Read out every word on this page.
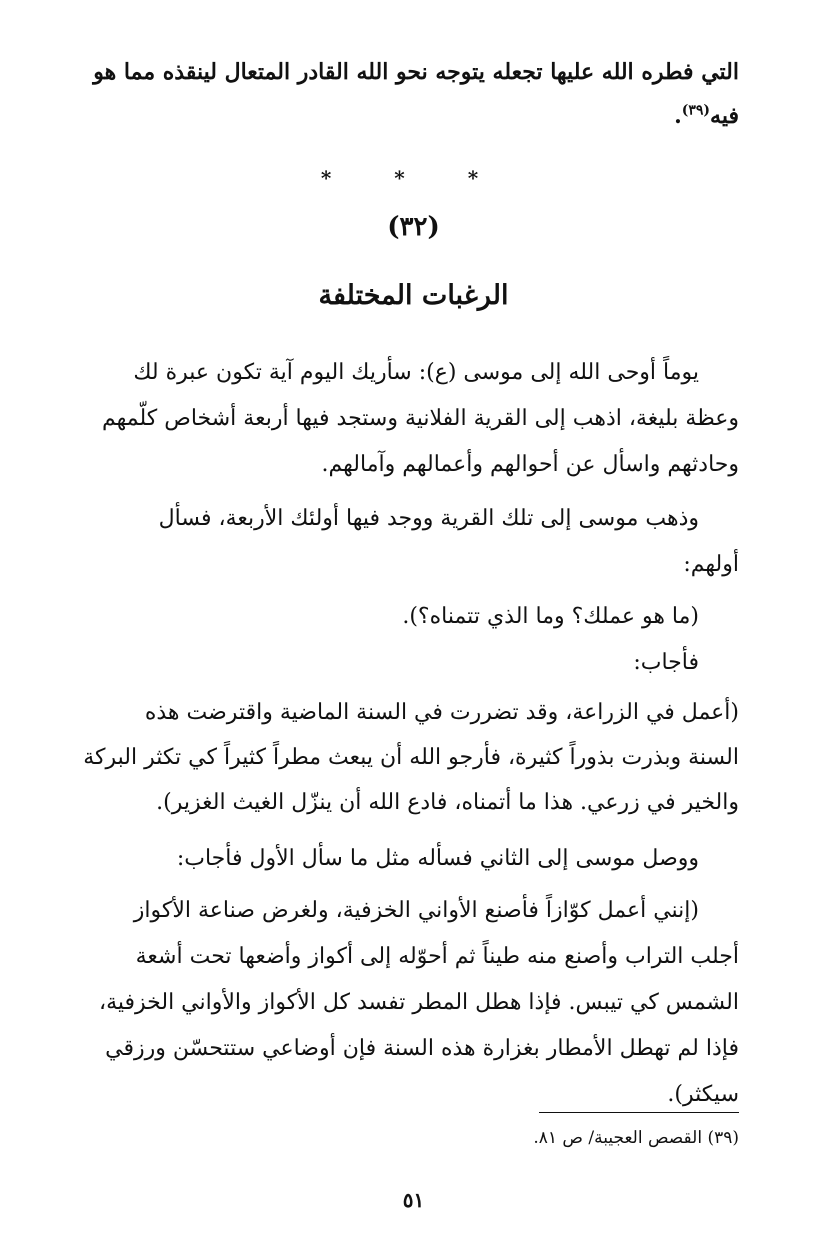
التي فطره الله عليها تجعله يتوجه نحو الله القادر المتعال لينقذه مما هو
فيه$^{(٣٩)}$.
* * *
(٣٢)
الرغبات المختلفة
يوماً أوحى الله إلى موسى (ع): سأريك اليوم آية تكون عبرة لك
وعظة بليغة، اذهب إلى القرية الفلانية وستجد فيها أربعة أشخاص كلّمهم
وحادثهم واسأل عن أحوالهم وأعمالهم وآمالهم.
وذهب موسى إلى تلك القرية ووجد فيها أولئك الأربعة، فسأل
أولهم:
(ما هو عملك؟ وما الذي تتمناه؟).
فأجاب:
(أعمل في الزراعة، وقد تضررت في السنة الماضية واقترضت هذه
السنة وبذرت بذوراً كثيرة، فأرجو الله أن يبعث مطراً كثيراً كي تكثر البركة
والخير في زرعي. هذا ما أتمناه، فادع الله أن ينزّل الغيث الغزير).
ووصل موسى إلى الثاني فسأله مثل ما سأل الأول فأجاب:
(إنني أعمل كوّازاً فأصنع الأواني الخزفية، ولغرض صناعة الأكواز
أجلب التراب وأصنع منه طيناً ثم أحوّله إلى أكواز وأضعها تحت أشعة
الشمس كي تيبس. فإذا هطل المطر تفسد كل الأكواز والأواني الخزفية،
فإذا لم تهطل الأمطار بغزارة هذه السنة فإن أوضاعي ستتحسّن ورزقي
سيكثر).
(٣٩) القصص العجيبة/ ص ٨١.
٥١
